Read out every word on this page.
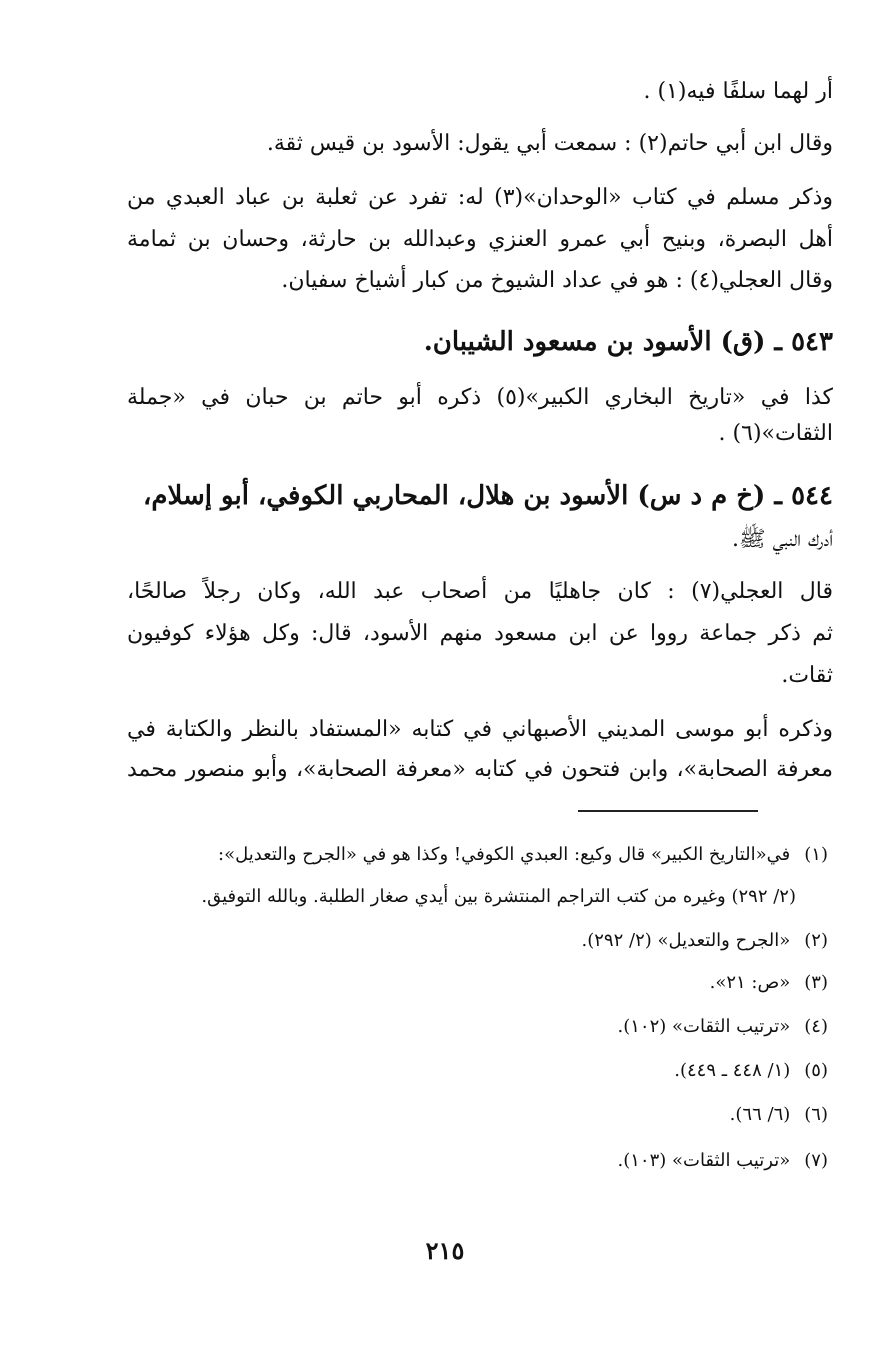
أر لهما سلفًا فيه(١) .
وقال ابن أبي حاتم(٢) : سمعت أبي يقول: الأسود بن قيس ثقة.
وذكر مسلم في كتاب «الوحدان»(٣) له: تفرد عن ثعلبة بن عباد العبدي من
أهل البصرة، وبنيح أبي عمرو العنزي وعبدالله بن حارثة، وحسان بن ثمامة
وقال العجلي(٤) : هو في عداد الشيوخ من كبار أشياخ سفيان.
٥٤٣ ـ (ق) الأسود بن مسعود الشيبان.
كذا في «تاريخ البخاري الكبير»(٥) ذكره أبو حاتم بن حبان في «جملة
الثقات»(٦) .
٥٤٤ ـ (خ م د س) الأسود بن هلال، المحاربي الكوفي، أبو إسلام،
أدرك النبي ﷺ.
قال العجلي(٧) : كان جاهليًا من أصحاب عبد الله، وكان رجلاً صالحًا،
ثم ذكر جماعة رووا عن ابن مسعود منهم الأسود، قال: وكل هؤلاء كوفيون
ثقات.
وذكره أبو موسى المديني الأصبهاني في كتابه «المستفاد بالنظر والكتابة في
معرفة الصحابة»، وابن فتحون في كتابه «معرفة الصحابة»، وأبو منصور محمد
(١) في«التاريخ الكبير» قال وكيع: العبدي الكوفي! وكذا هو في «الجرح والتعديل»:
(٢/ ٢٩٢) وغيره من كتب التراجم المنتشرة بين أيدي صغار الطلبة. وبالله التوفيق.
(٢) «الجرح والتعديل» (٢/ ٢٩٢).
(٣) «ص: ٢١».
(٤) «ترتيب الثقات» (١٠٢).
(٥) (١/ ٤٤٨ ـ ٤٤٩).
(٦) (٦/ ٦٦).
(٧) «ترتيب الثقات» (١٠٣).
٢١٥
